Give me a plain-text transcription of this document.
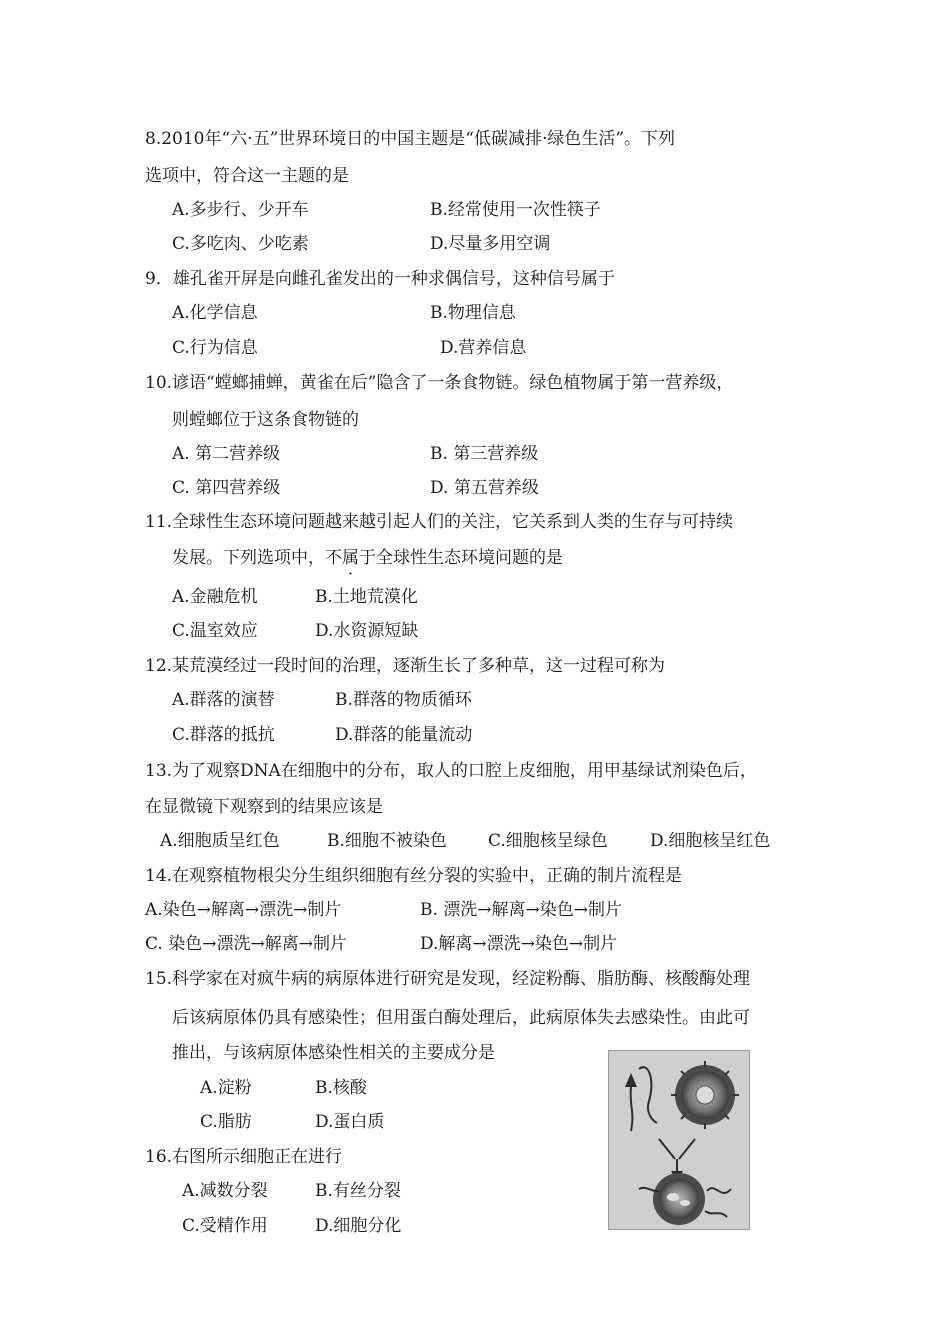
8.2010年“六·五”世界环境日的中国主题是“低碳减排·绿色生活”。下列
选项中，符合这一主题的是
A.多步行、少开车	B.经常使用一次性筷子
C.多吃肉、少吃素	D.尽量多用空调
9．雄孔雀开屏是向雌孔雀发出的一种求偶信号，这种信号属于
A.化学信息	B.物理信息
C.行为信息	D.营养信息
10.谚语“螳螂捕蝉，黄雀在后”隐含了一条食物链。绿色植物属于第一营养级，
则螳螂位于这条食物链的
A. 第二营养级	B. 第三营养级
C. 第四营养级	D. 第五营养级
11.全球性生态环境问题越来越引起人们的关注，它关系到人类的生存与可持续
发展。下列选项中，不属于全球性生态环境问题的是
A.金融危机	B.土地荒漠化
C.温室效应	D.水资源短缺
12.某荒漠经过一段时间的治理，逐渐生长了多种草，这一过程可称为
A.群落的演替	B.群落的物质循环
C.群落的抵抗	D.群落的能量流动
13.为了观察DNA在细胞中的分布，取人的口腔上皮细胞，用甲基绿试剂染色后，
在显微镜下观察到的结果应该是
A.细胞质呈红色	B.细胞不被染色 C.细胞核呈绿色 D.细胞核呈红色
14.在观察植物根尖分生组织细胞有丝分裂的实验中，正确的制片流程是
A.染色→解离→漂洗→制片	B. 漂洗→解离→染色→制片
C. 染色→漂洗→解离→制片	D.解离→漂洗→染色→制片
15.科学家在对疯牛病的病原体进行研究是发现，经淀粉酶、脂肪酶、核酸酶处理
后该病原体仍具有感染性；但用蛋白酶处理后，此病原体失去感染性。由此可
推出，与该病原体感染性相关的主要成分是
A.淀粉	B.核酸
C.脂肪	D.蛋白质
16.右图所示细胞正在进行
A.减数分裂	B.有丝分裂
C.受精作用	D.细胞分化
